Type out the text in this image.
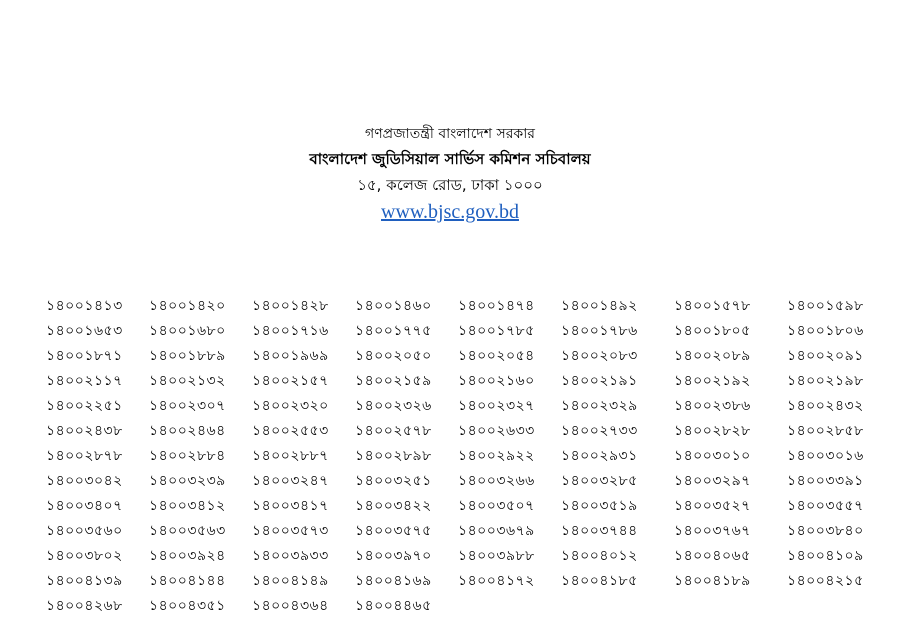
গণপ্রজাতন্ত্রী বাংলাদেশ সরকার
বাংলাদেশ জুডিসিয়াল সার্ভিস কমিশন সচিবালয়
১৫, কলেজ রোড, ঢাকা ১০০০
www.bjsc.gov.bd
১৪০০১৪১৩	১৪০০১৪২০	১৪০০১৪২৮	১৪০০১৪৬০	১৪০০১৪৭৪	১৪০০১৪৯২	১৪০০১৫৭৮	১৪০০১৫৯৮
১৪০০১৬৫৩	১৪০০১৬৮০	১৪০০১৭১৬	১৪০০১৭৭৫	১৪০০১৭৮৫	১৪০০১৭৮৬	১৪০০১৮০৫	১৪০০১৮০৬
১৪০০১৮৭১	১৪০০১৮৮৯	১৪০০১৯৬৯	১৪০০২০৫০	১৪০০২০৫৪	১৪০০২০৮৩	১৪০০২০৮৯	১৪০০২০৯১
১৪০০২১১৭	১৪০০২১৩২	১৪০০২১৫৭	১৪০০২১৫৯	১৪০০২১৬০	১৪০০২১৯১	১৪০০২১৯২	১৪০০২১৯৮
১৪০০২২৫১	১৪০০২৩০৭	১৪০০২৩২০	১৪০০২৩২৬	১৪০০২৩২৭	১৪০০২৩২৯	১৪০০২৩৮৬	১৪০০২৪৩২
১৪০০২৪৩৮	১৪০০২৪৬৪	১৪০০২৫৫৩	১৪০০২৫৭৮	১৪০০২৬৩৩	১৪০০২৭৩৩	১৪০০২৮২৮	১৪০০২৮৫৮
১৪০০২৮৭৮	১৪০০২৮৮৪	১৪০০২৮৮৭	১৪০০২৮৯৮	১৪০০২৯২২	১৪০০২৯৩১	১৪০০৩০১০	১৪০০৩০১৬
১৪০০৩০৪২	১৪০০৩২৩৯	১৪০০৩২৪৭	১৪০০৩২৫১	১৪০০৩২৬৬	১৪০০৩২৮৫	১৪০০৩২৯৭	১৪০০৩৩৯১
১৪০০৩৪০৭	১৪০০৩৪১২	১৪০০৩৪১৭	১৪০০৩৪২২	১৪০০৩৫০৭	১৪০০৩৫১৯	১৪০০৩৫২৭	১৪০০৩৫৫৭
১৪০০৩৫৬০	১৪০০৩৫৬৩	১৪০০৩৫৭৩	১৪০০৩৫৭৫	১৪০০৩৬৭৯	১৪০০৩৭৪৪	১৪০০৩৭৬৭	১৪০০৩৮৪০
১৪০০৩৮০২	১৪০০৩৯২৪	১৪০০৩৯৩৩	১৪০০৩৯৭০	১৪০০৩৯৮৮	১৪০০৪০১২	১৪০০৪০৬৫	১৪০০৪১০৯
১৪০০৪১৩৯	১৪০০৪১৪৪	১৪০০৪১৪৯	১৪০০৪১৬৯	১৪০০৪১৭২	১৪০০৪১৮৫	১৪০০৪১৮৯	১৪০০৪২১৫
১৪০০৪২৬৮	১৪০০৪৩৫১	১৪০০৪৩৬৪	১৪০০৪৪৬৫
